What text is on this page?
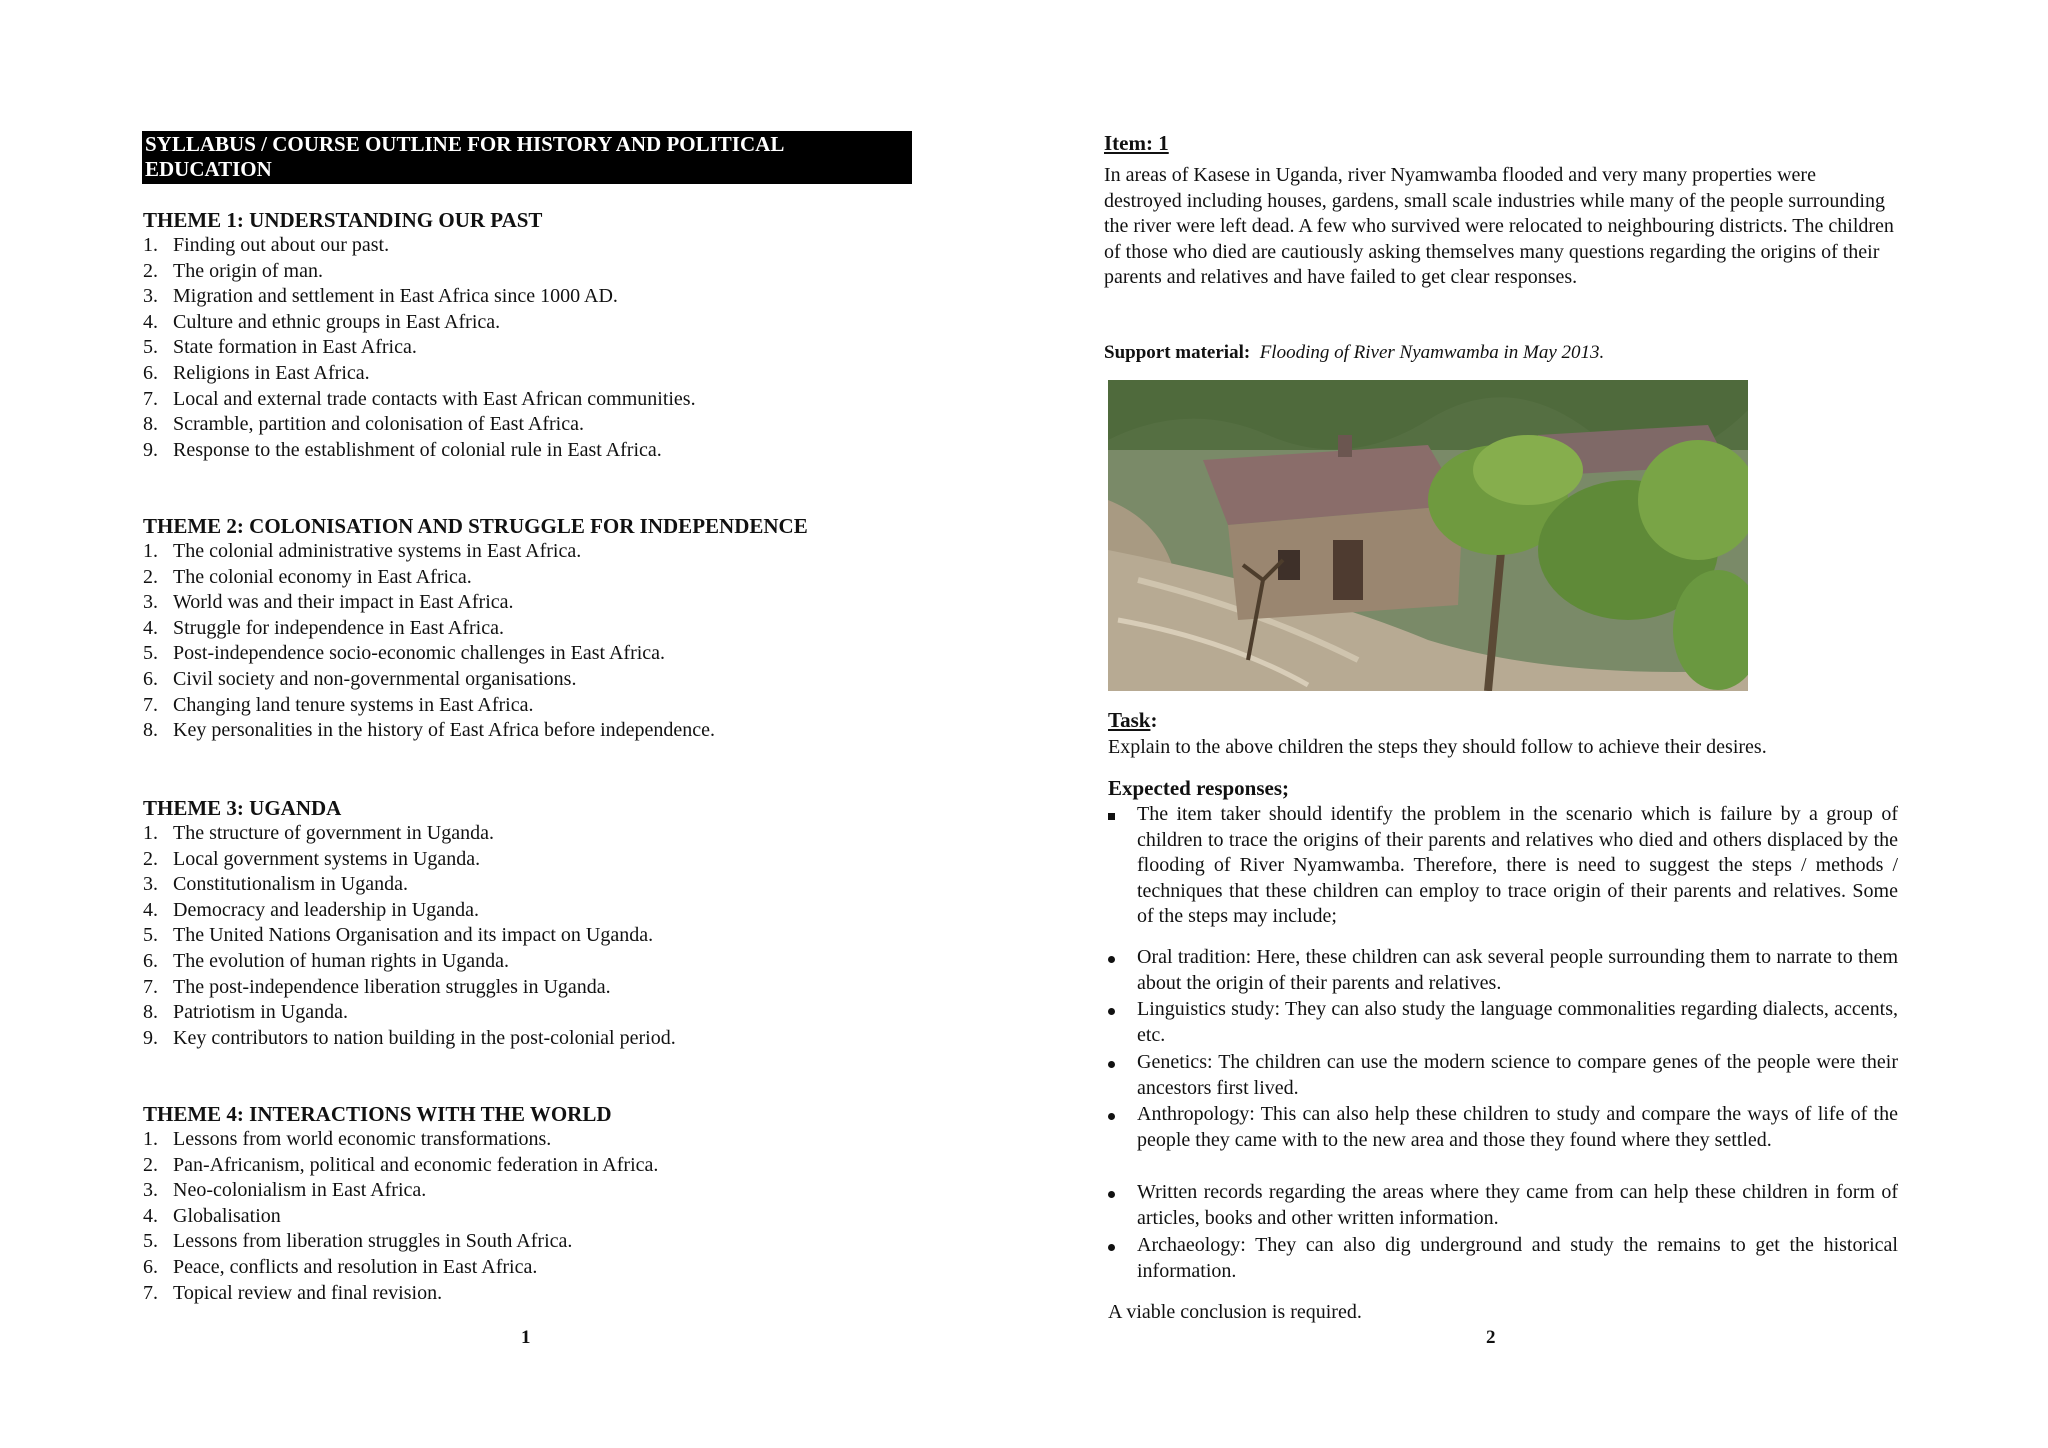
SYLLABUS / COURSE OUTLINE FOR HISTORY AND POLITICAL EDUCATION
THEME 1: UNDERSTANDING OUR PAST
1. Finding out about our past.
2. The origin of man.
3. Migration and settlement in East Africa since 1000 AD.
4. Culture and ethnic groups in East Africa.
5. State formation in East Africa.
6. Religions in East Africa.
7. Local and external trade contacts with East African communities.
8. Scramble, partition and colonisation of East Africa.
9. Response to the establishment of colonial rule in East Africa.
THEME 2: COLONISATION AND STRUGGLE FOR INDEPENDENCE
1. The colonial administrative systems in East Africa.
2. The colonial economy in East Africa.
3. World was and their impact in East Africa.
4. Struggle for independence in East Africa.
5. Post-independence socio-economic challenges in East Africa.
6. Civil society and non-governmental organisations.
7. Changing land tenure systems in East Africa.
8. Key personalities in the history of East Africa before independence.
THEME 3: UGANDA
1. The structure of government in Uganda.
2. Local government systems in Uganda.
3. Constitutionalism in Uganda.
4. Democracy and leadership in Uganda.
5. The United Nations Organisation and its impact on Uganda.
6. The evolution of human rights in Uganda.
7. The post-independence liberation struggles in Uganda.
8. Patriotism in Uganda.
9. Key contributors to nation building in the post-colonial period.
THEME 4: INTERACTIONS WITH THE WORLD
1. Lessons from world economic transformations.
2. Pan-Africanism, political and economic federation in Africa.
3. Neo-colonialism in East Africa.
4. Globalisation
5. Lessons from liberation struggles in South Africa.
6. Peace, conflicts and resolution in East Africa.
7. Topical review and final revision.
1
Item: 1

In areas of Kasese in Uganda, river Nyamwamba flooded and very many properties were destroyed including houses, gardens, small scale industries while many of the people surrounding the river were left dead. A few who survived were relocated to neighbouring districts. The children of those who died are cautiously asking themselves many questions regarding the origins of their parents and relatives and have failed to get clear responses.

Support material: Flooding of River Nyamwamba in May 2013.

Task:

Explain to the above children the steps they should follow to achieve their desires.

Expected responses;
The item taker should identify the problem in the scenario which is failure by a group of children to trace the origins of their parents and relatives who died and others displaced by the flooding of River Nyamwamba. Therefore, there is need to suggest the steps / methods / techniques that these children can employ to trace origin of their parents and relatives. Some of the steps may include;
Oral tradition: Here, these children can ask several people surrounding them to narrate to them about the origin of their parents and relatives.
Linguistics study: They can also study the language commonalities regarding dialects, accents, etc.
Genetics: The children can use the modern science to compare genes of the people were their ancestors first lived.
Anthropology: This can also help these children to study and compare the ways of life of the people they came with to the new area and those they found where they settled.
Written records regarding the areas where they came from can help these children in form of articles, books and other written information.
Archaeology: They can also dig underground and study the remains to get the historical information.

A viable conclusion is required.

2
